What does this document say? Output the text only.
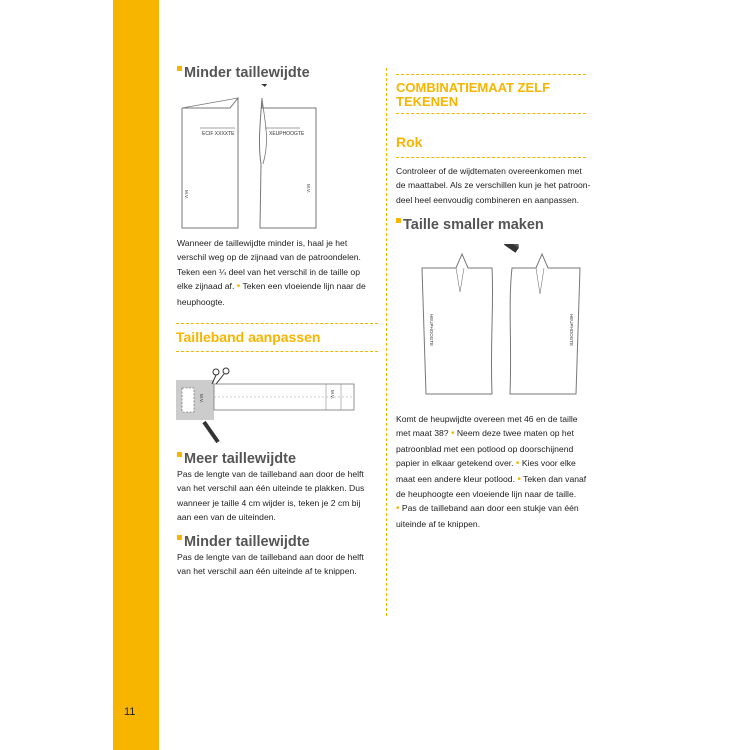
11
Minder taillewijdte
ECIF XXXXTE
M.V.
XEUPHOOGTE
M.V.
Wanneer de taillewijdte minder is, haal je het
verschil weg op de zijnaad van de patroondelen.
Teken een ¼ deel van het verschil in de taille op
elke zijnaad af. • Teken een vloeiende lijn naar de
heuphoogte.
Tailleband aanpassen
M.V.	M.V.
Meer taillewijdte
Pas de lengte van de tailleband aan door de helft
van het verschil aan één uiteinde te plakken. Dus
wanneer je taille 4 cm wijder is, teken je 2 cm bij
aan een van de uiteinden.
Minder taillewijdte
Pas de lengte van de tailleband aan door de helft
van het verschil aan één uiteinde af te knippen.
COMBINATIEMAAT ZELF
TEKENEN
Rok
Controleer of de wijdtematen overeenkomen met
de maattabel. Als ze verschillen kun je het patroon-
deel heel eenvoudig combineren en aanpassen.
Taille smaller maken
HEUPHOOGTE	HEUPHOOGTE
Komt de heupwijdte overeen met 46 en de taille
met maat 38? • Neem deze twee maten op het
patroonblad met een potlood op doorschijnend
papier in elkaar getekend over. • Kies voor elke
maat een andere kleur potlood. • Teken dan vanaf
de heuphoogte een vloeiende lijn naar de taille.
• Pas de tailleband aan door een stukje van één
uiteinde af te knippen.
